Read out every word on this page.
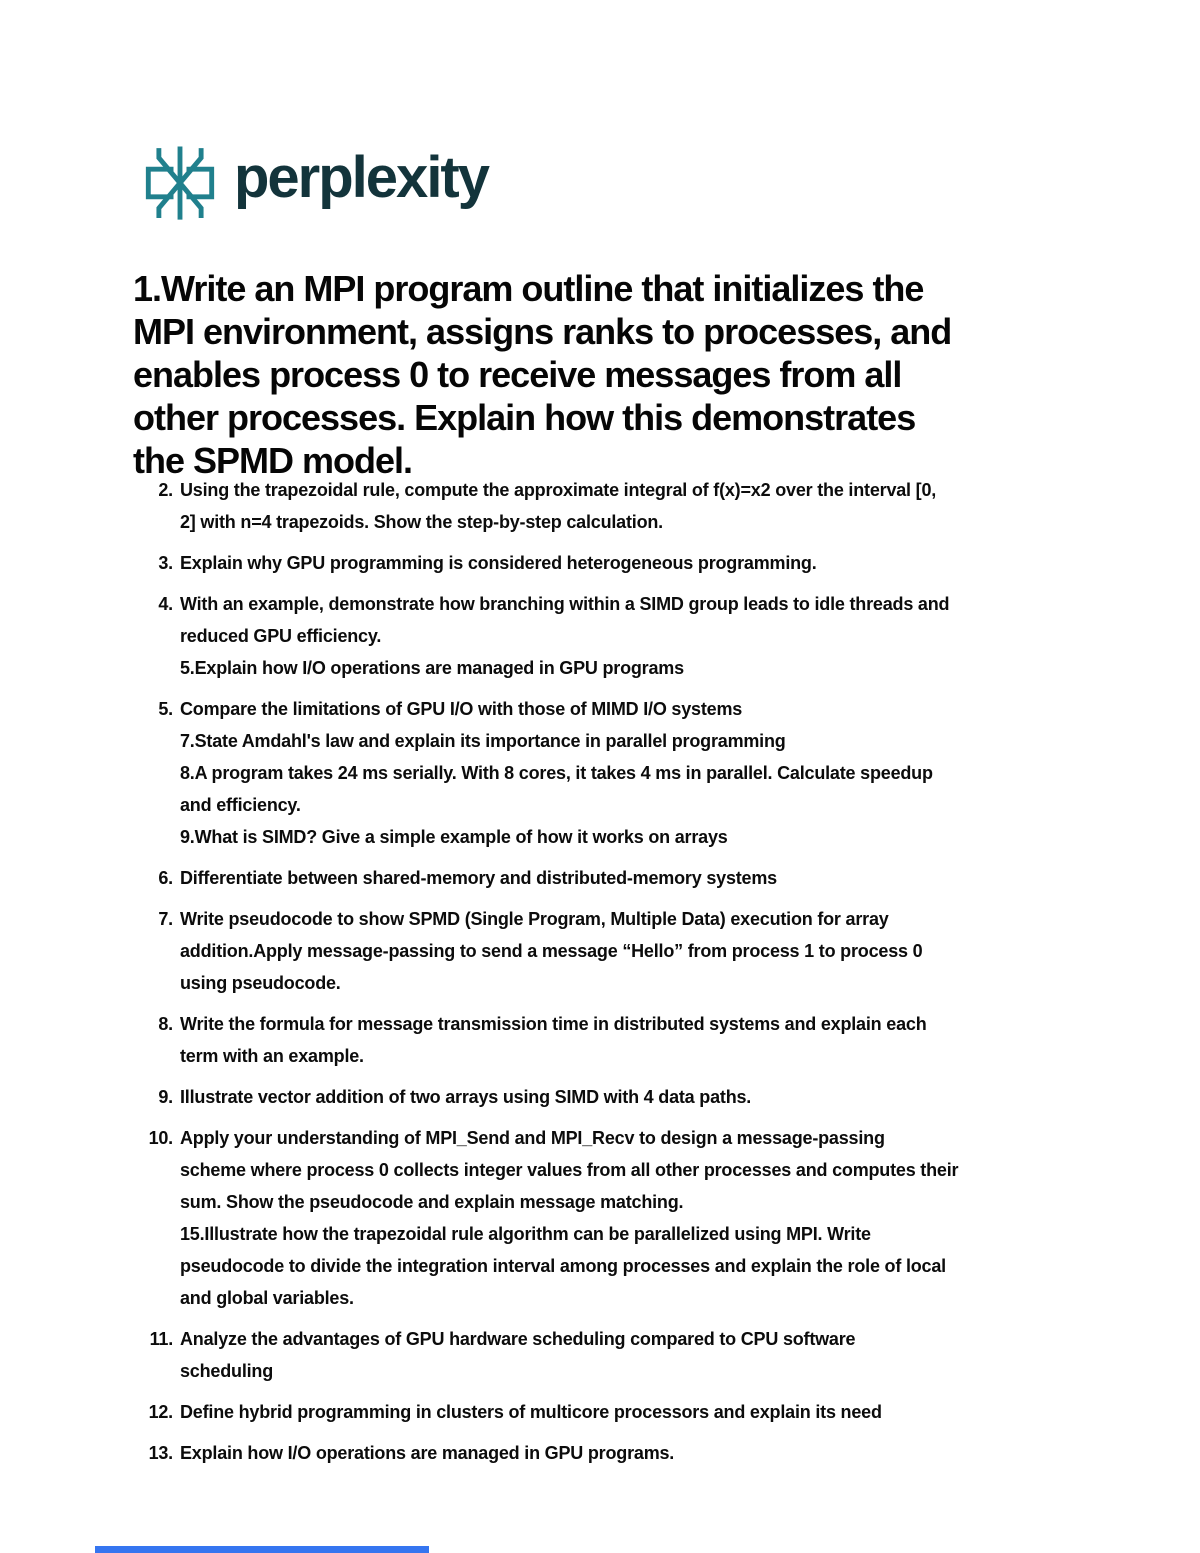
perplexity
1.Write an MPI program outline that initializes the
MPI environment, assigns ranks to processes, and
enables process 0 to receive messages from all
other processes. Explain how this demonstrates
the SPMD model.
2. Using the trapezoidal rule, compute the approximate integral of f(x)=x2 over the interval [0,
2] with n=4 trapezoids. Show the step-by-step calculation.
3. Explain why GPU programming is considered heterogeneous programming.
4. With an example, demonstrate how branching within a SIMD group leads to idle threads and
reduced GPU efficiency.
5.Explain how I/O operations are managed in GPU programs
5. Compare the limitations of GPU I/O with those of MIMD I/O systems
7.State Amdahl's law and explain its importance in parallel programming
8.A program takes 24 ms serially. With 8 cores, it takes 4 ms in parallel. Calculate speedup
and efficiency.
9.What is SIMD? Give a simple example of how it works on arrays
6. Differentiate between shared-memory and distributed-memory systems
7. Write pseudocode to show SPMD (Single Program, Multiple Data) execution for array
addition.Apply message-passing to send a message “Hello” from process 1 to process 0
using pseudocode.
8. Write the formula for message transmission time in distributed systems and explain each
term with an example.
9. Illustrate vector addition of two arrays using SIMD with 4 data paths.
10. Apply your understanding of MPI_Send and MPI_Recv to design a message-passing
scheme where process 0 collects integer values from all other processes and computes their
sum. Show the pseudocode and explain message matching.
15.Illustrate how the trapezoidal rule algorithm can be parallelized using MPI. Write
pseudocode to divide the integration interval among processes and explain the role of local
and global variables.
11. Analyze the advantages of GPU hardware scheduling compared to CPU software
scheduling
12. Define hybrid programming in clusters of multicore processors and explain its need
13. Explain how I/O operations are managed in GPU programs.
